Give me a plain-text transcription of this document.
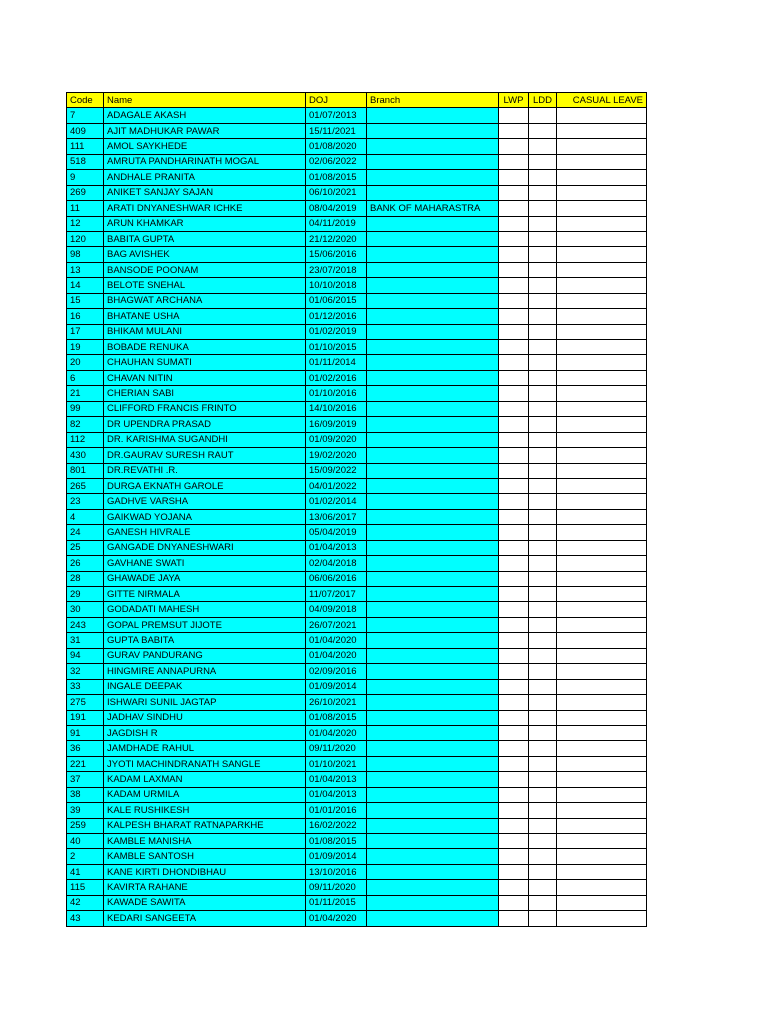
Code	Name	DOJ	Branch	LWP	LDD	CASUAL LEAVE
7	ADAGALE AKASH	01/07/2013				
409	AJIT MADHUKAR PAWAR	15/11/2021				
111	AMOL SAYKHEDE	01/08/2020				
518	AMRUTA PANDHARINATH MOGAL	02/06/2022				
9	ANDHALE PRANITA	01/08/2015				
269	ANIKET SANJAY SAJAN	06/10/2021				
11	ARATI DNYANESHWAR ICHKE	08/04/2019	BANK OF MAHARASTRA			
12	ARUN KHAMKAR	04/11/2019				
120	BABITA GUPTA	21/12/2020				
98	BAG AVISHEK	15/06/2016				
13	BANSODE POONAM	23/07/2018				
14	BELOTE SNEHAL	10/10/2018				
15	BHAGWAT ARCHANA	01/06/2015				
16	BHATANE USHA	01/12/2016				
17	BHIKAM MULANI	01/02/2019				
19	BOBADE RENUKA	01/10/2015				
20	CHAUHAN SUMATI	01/11/2014				
6	CHAVAN NITIN	01/02/2016				
21	CHERIAN SABI	01/10/2016				
99	CLIFFORD FRANCIS FRINTO	14/10/2016				
82	DR UPENDRA PRASAD	16/09/2019				
112	DR. KARISHMA SUGANDHI	01/09/2020				
430	DR.GAURAV SURESH RAUT	19/02/2020				
801	DR.REVATHI .R.	15/09/2022				
265	DURGA EKNATH GAROLE	04/01/2022				
23	GADHVE VARSHA	01/02/2014				
4	GAIKWAD YOJANA	13/06/2017				
24	GANESH HIVRALE	05/04/2019				
25	GANGADE DNYANESHWARI	01/04/2013				
26	GAVHANE SWATI	02/04/2018				
28	GHAWADE JAYA	06/06/2016				
29	GITTE NIRMALA	11/07/2017				
30	GODADATI MAHESH	04/09/2018				
243	GOPAL PREMSUT JIJOTE	26/07/2021				
31	GUPTA BABITA	01/04/2020				
94	GURAV PANDURANG	01/04/2020				
32	HINGMIRE ANNAPURNA	02/09/2016				
33	INGALE DEEPAK	01/09/2014				
275	ISHWARI SUNIL JAGTAP	26/10/2021				
191	JADHAV SINDHU	01/08/2015				
91	JAGDISH R	01/04/2020				
36	JAMDHADE RAHUL	09/11/2020				
221	JYOTI MACHINDRANATH SANGLE	01/10/2021				
37	KADAM LAXMAN	01/04/2013				
38	KADAM URMILA	01/04/2013				
39	KALE RUSHIKESH	01/01/2016				
259	KALPESH BHARAT RATNAPARKHE	16/02/2022				
40	KAMBLE MANISHA	01/08/2015				
2	KAMBLE SANTOSH	01/09/2014				
41	KANE KIRTI DHONDIBHAU	13/10/2016				
115	KAVIRTA RAHANE	09/11/2020				
42	KAWADE SAWITA	01/11/2015				
43	KEDARI SANGEETA	01/04/2020				
